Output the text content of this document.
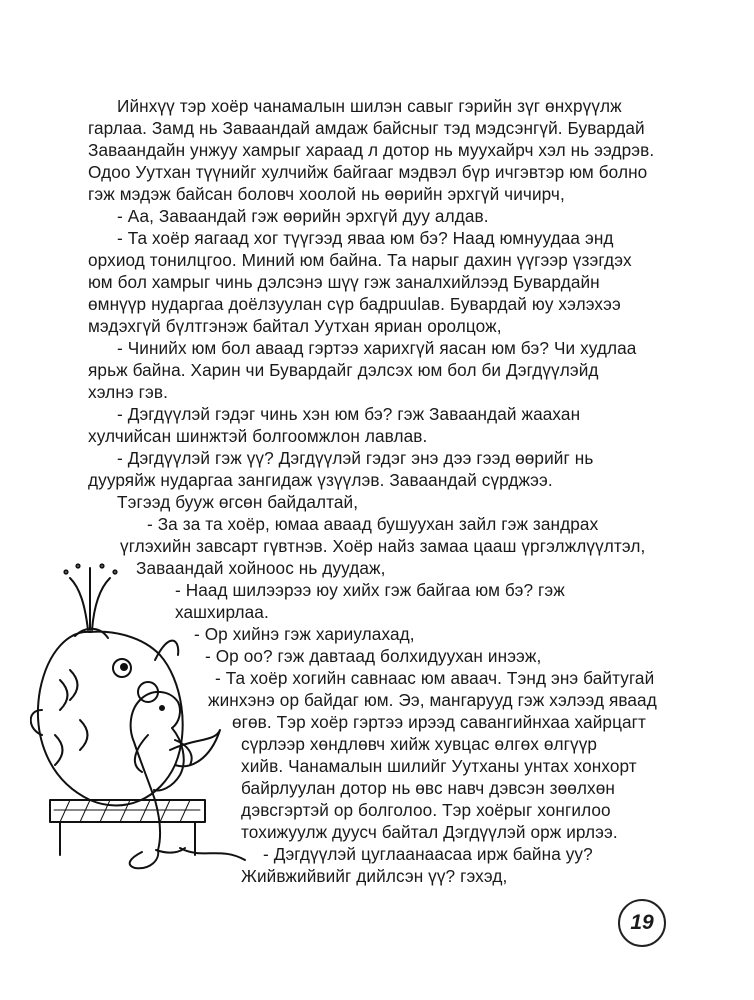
Ийнхүү тэр хоёр чанамалын шилэн савыг гэрийн зүг өнхрүүлж
гарлаа. Замд нь Заваандай амдаж байсныг тэд мэдсэнгүй. Бувардай
Заваандайн унжуу хамрыг хараад л дотор нь муухайрч хэл нь ээдрэв.
Одоо Уутхан түүнийг хулчийж байгааг мэдвэл бүр ичгэвтэр юм болно
гэж мэдэж байсан боловч хоолой нь өөрийн эрхгүй чичирч,
- Аа, Заваандай гэж өөрийн эрхгүй дуу алдав.
- Та хоёр яагаад хог түүгээд яваа юм бэ? Наад юмнуудаа энд
орхиод тонилцгоо. Миний юм байна. Та нарыг дахин үүгээр үзэгдэх
юм бол хамрыг чинь дэлсэнэ шүү гэж заналхийлээд Бувардайн
өмнүүр нударгаа доёлзуулан сүр бадрuulав. Бувардай юу хэлэхээ
мэдэхгүй бүлтгэнэж байтал Уутхан яриан оролцож,
- Чинийх юм бол аваад гэртээ харихгүй яасан юм бэ? Чи худлаа
ярьж байна. Харин чи Бувардайг дэлсэх юм бол би Дэгдүүлэйд
хэлнэ гэв.
- Дэгдүүлэй гэдэг чинь хэн юм бэ? гэж Заваандай жаахан
хулчийсан шинжтэй болгоомжлон лавлав.
- Дэгдүүлэй гэж үү? Дэгдүүлэй гэдэг энэ дээ гээд өөрийг нь
дууряйж нударгаа зангидаж үзүүлэв. Заваандай сүрджээ.
Тэгээд бууж өгсөн байдалтай,
- За за та хоёр, юмаа аваад бушуухан зайл гэж зандрах
үглэхийн завсарт гүвтнэв. Хоёр найз замаа цааш үргэлжлүүлтэл,
Заваандай хойноос нь дуудаж,
- Наад шилээрээ юу хийх гэж байгаа юм бэ? гэж
хашхирлаа.
- Ор хийнэ гэж хариулахад,
- Ор оо? гэж давтаад болхидуухан инээж,
- Та хоёр хогийн савнаас юм аваач. Тэнд энэ байтугай
жинхэнэ ор байдаг юм. Ээ, мангарууд гэж хэлээд яваад
өгөв. Тэр хоёр гэртээ ирээд савангийнхаа хайрцагт
сүрлээр хөндлөвч хийж хувцас өлгөх өлгүүр
хийв. Чанамалын шилийг Уутханы унтах хонхорт
байрлуулан дотор нь өвс навч дэвсэн зөөлхөн
дэвсгэртэй ор болголоо. Тэр хоёрыг хонгилоо
тохижуулж дуусч байтал Дэгдүүлэй орж ирлээ.
- Дэгдүүлэй цуглаанаасаа ирж байна уу?
Жийвжийвийг дийлсэн үү? гэхэд,
19
